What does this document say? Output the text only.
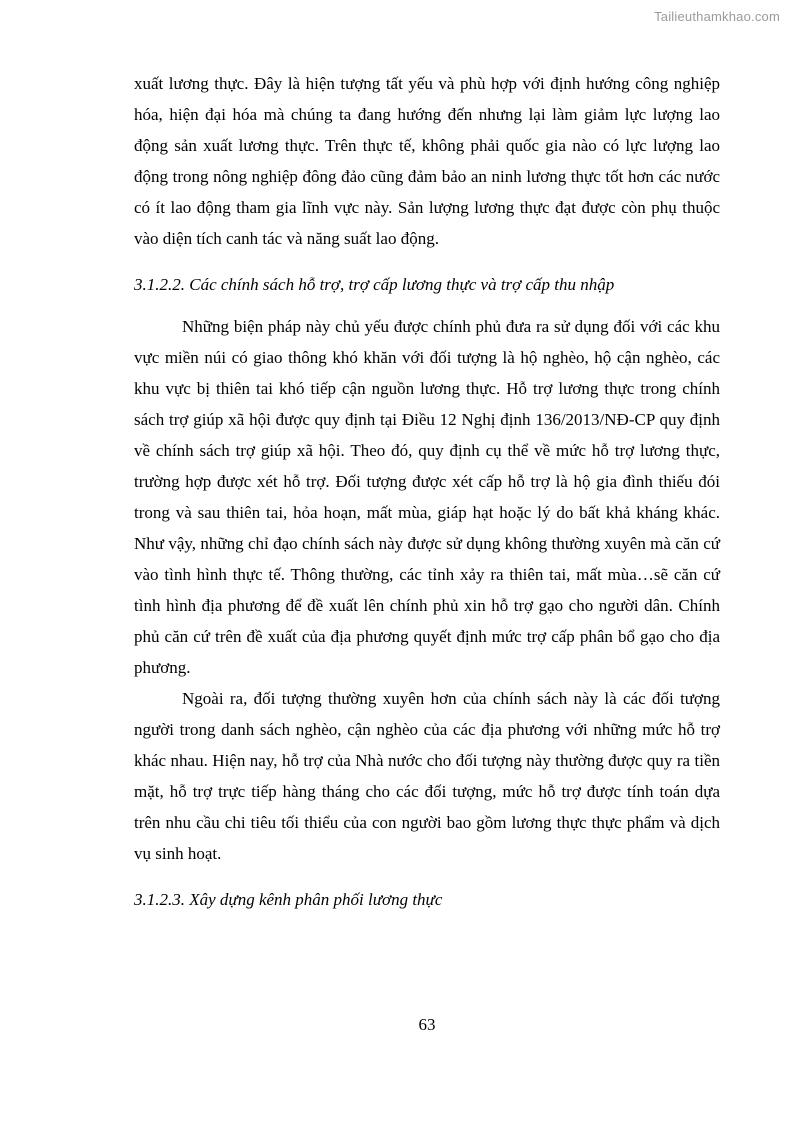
Tailieuthamkhao.com

xuất lương thực. Đây là hiện tượng tất yếu và phù hợp với định hướng công nghiệp hóa, hiện đại hóa mà chúng ta đang hướng đến nhưng lại làm giảm lực lượng lao động sản xuất lương thực. Trên thực tế, không phải quốc gia nào có lực lượng lao động trong nông nghiệp đông đảo cũng đảm bảo an ninh lương thực tốt hơn các nước có ít lao động tham gia lĩnh vực này. Sản lượng lương thực đạt được còn phụ thuộc vào diện tích canh tác và năng suất lao động.

3.1.2.2. Các chính sách hỗ trợ, trợ cấp lương thực và trợ cấp thu nhập

Những biện pháp này chủ yếu được chính phủ đưa ra sử dụng đối với các khu vực miền núi có giao thông khó khăn với đối tượng là hộ nghèo, hộ cận nghèo, các khu vực bị thiên tai khó tiếp cận nguồn lương thực. Hỗ trợ lương thực trong chính sách trợ giúp xã hội được quy định tại Điều 12 Nghị định 136/2013/NĐ-CP quy định về chính sách trợ giúp xã hội. Theo đó, quy định cụ thể về mức hỗ trợ lương thực, trường hợp được xét hỗ trợ. Đối tượng được xét cấp hỗ trợ là hộ gia đình thiếu đói trong và sau thiên tai, hỏa hoạn, mất mùa, giáp hạt hoặc lý do bất khả kháng khác. Như vậy, những chỉ đạo chính sách này được sử dụng không thường xuyên mà căn cứ vào tình hình thực tế. Thông thường, các tỉnh xảy ra thiên tai, mất mùa…sẽ căn cứ tình hình địa phương để đề xuất lên chính phủ xin hỗ trợ gạo cho người dân. Chính phủ căn cứ trên đề xuất của địa phương quyết định mức trợ cấp phân bổ gạo cho địa phương.

Ngoài ra, đối tượng thường xuyên hơn của chính sách này là các đối tượng người trong danh sách nghèo, cận nghèo của các địa phương với những mức hỗ trợ khác nhau. Hiện nay, hỗ trợ của Nhà nước cho đối tượng này thường được quy ra tiền mặt, hỗ trợ trực tiếp hàng tháng cho các đối tượng, mức hỗ trợ được tính toán dựa trên nhu cầu chi tiêu tối thiểu của con người bao gồm lương thực thực phẩm và dịch vụ sinh hoạt.

3.1.2.3. Xây dựng kênh phân phối lương thực
63
